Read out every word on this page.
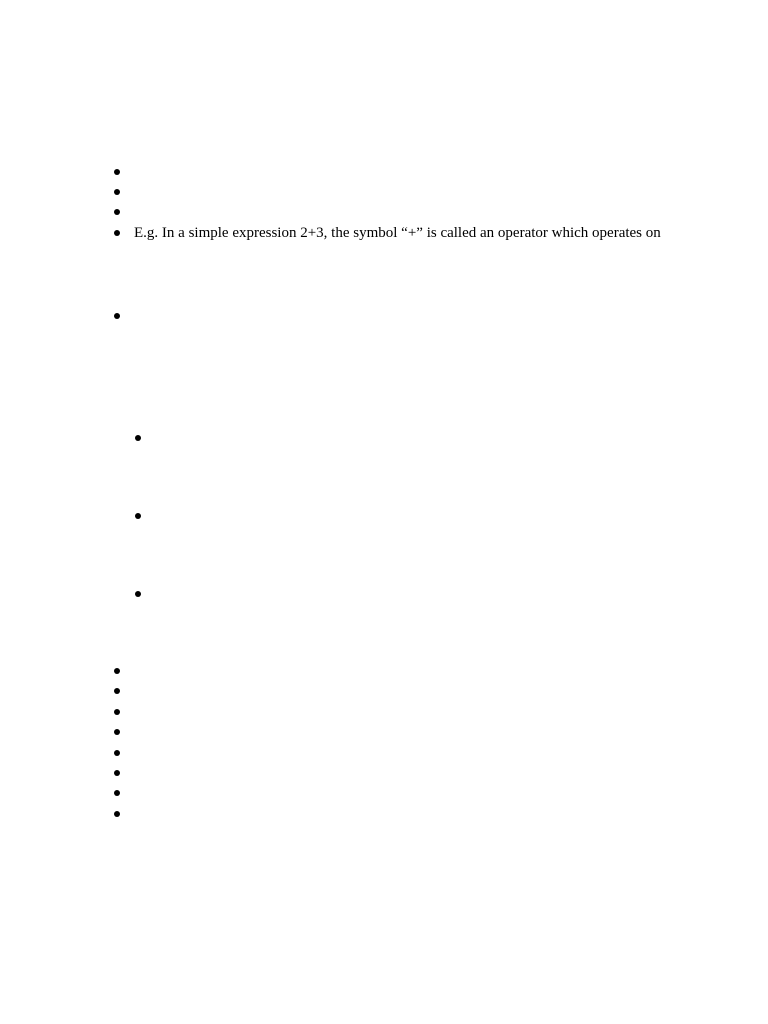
E.g. In a simple expression 2+3, the symbol “+” is called an operator which operates on
